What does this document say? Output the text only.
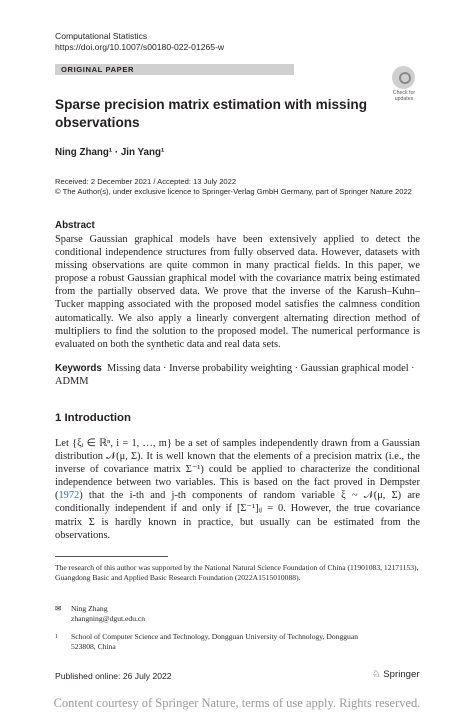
Computational Statistics
https://doi.org/10.1007/s00180-022-01265-w
ORIGINAL PAPER
Check for
updates
Sparse precision matrix estimation with missing observations
Ning Zhang¹ · Jin Yang¹
Received: 2 December 2021 / Accepted: 13 July 2022
© The Author(s), under exclusive licence to Springer-Verlag GmbH Germany, part of Springer Nature 2022
Abstract
Sparse Gaussian graphical models have been extensively applied to detect the conditional independence structures from fully observed data. However, datasets with missing observations are quite common in many practical fields. In this paper, we propose a robust Gaussian graphical model with the covariance matrix being estimated from the partially observed data. We prove that the inverse of the Karush–Kuhn–Tucker mapping associated with the proposed model satisfies the calmness condition automatically. We also apply a linearly convergent alternating direction method of multipliers to find the solution to the proposed model. The numerical performance is evaluated on both the synthetic data and real data sets.
Keywords Missing data · Inverse probability weighting · Gaussian graphical model · ADMM
1 Introduction
Let {ξᵢ ∈ ℝⁿ, i = 1, …, m} be a set of samples independently drawn from a Gaussian distribution 𝒩(μ, Σ). It is well known that the elements of a precision matrix (i.e., the inverse of covariance matrix Σ⁻¹) could be applied to characterize the conditional independence between two variables. This is based on the fact proved in Dempster (1972) that the i-th and j-th components of random variable ξ ~ 𝒩(μ, Σ) are conditionally independent if and only if [Σ⁻¹]ᵢⱼ = 0. However, the true covariance matrix Σ is hardly known in practice, but usually can be estimated from the observations.
The research of this author was supported by the National Natural Science Foundation of China (11901083, 12171153), Guangdong Basic and Applied Basic Research Foundation (2022A1515010088).
✉ Ning Zhang
zhangning@dgut.edu.cn
1 School of Computer Science and Technology, Dongguan University of Technology, Dongguan 523808, China
Published online: 26 July 2022	♘ Springer
Content courtesy of Springer Nature, terms of use apply. Rights reserved.
